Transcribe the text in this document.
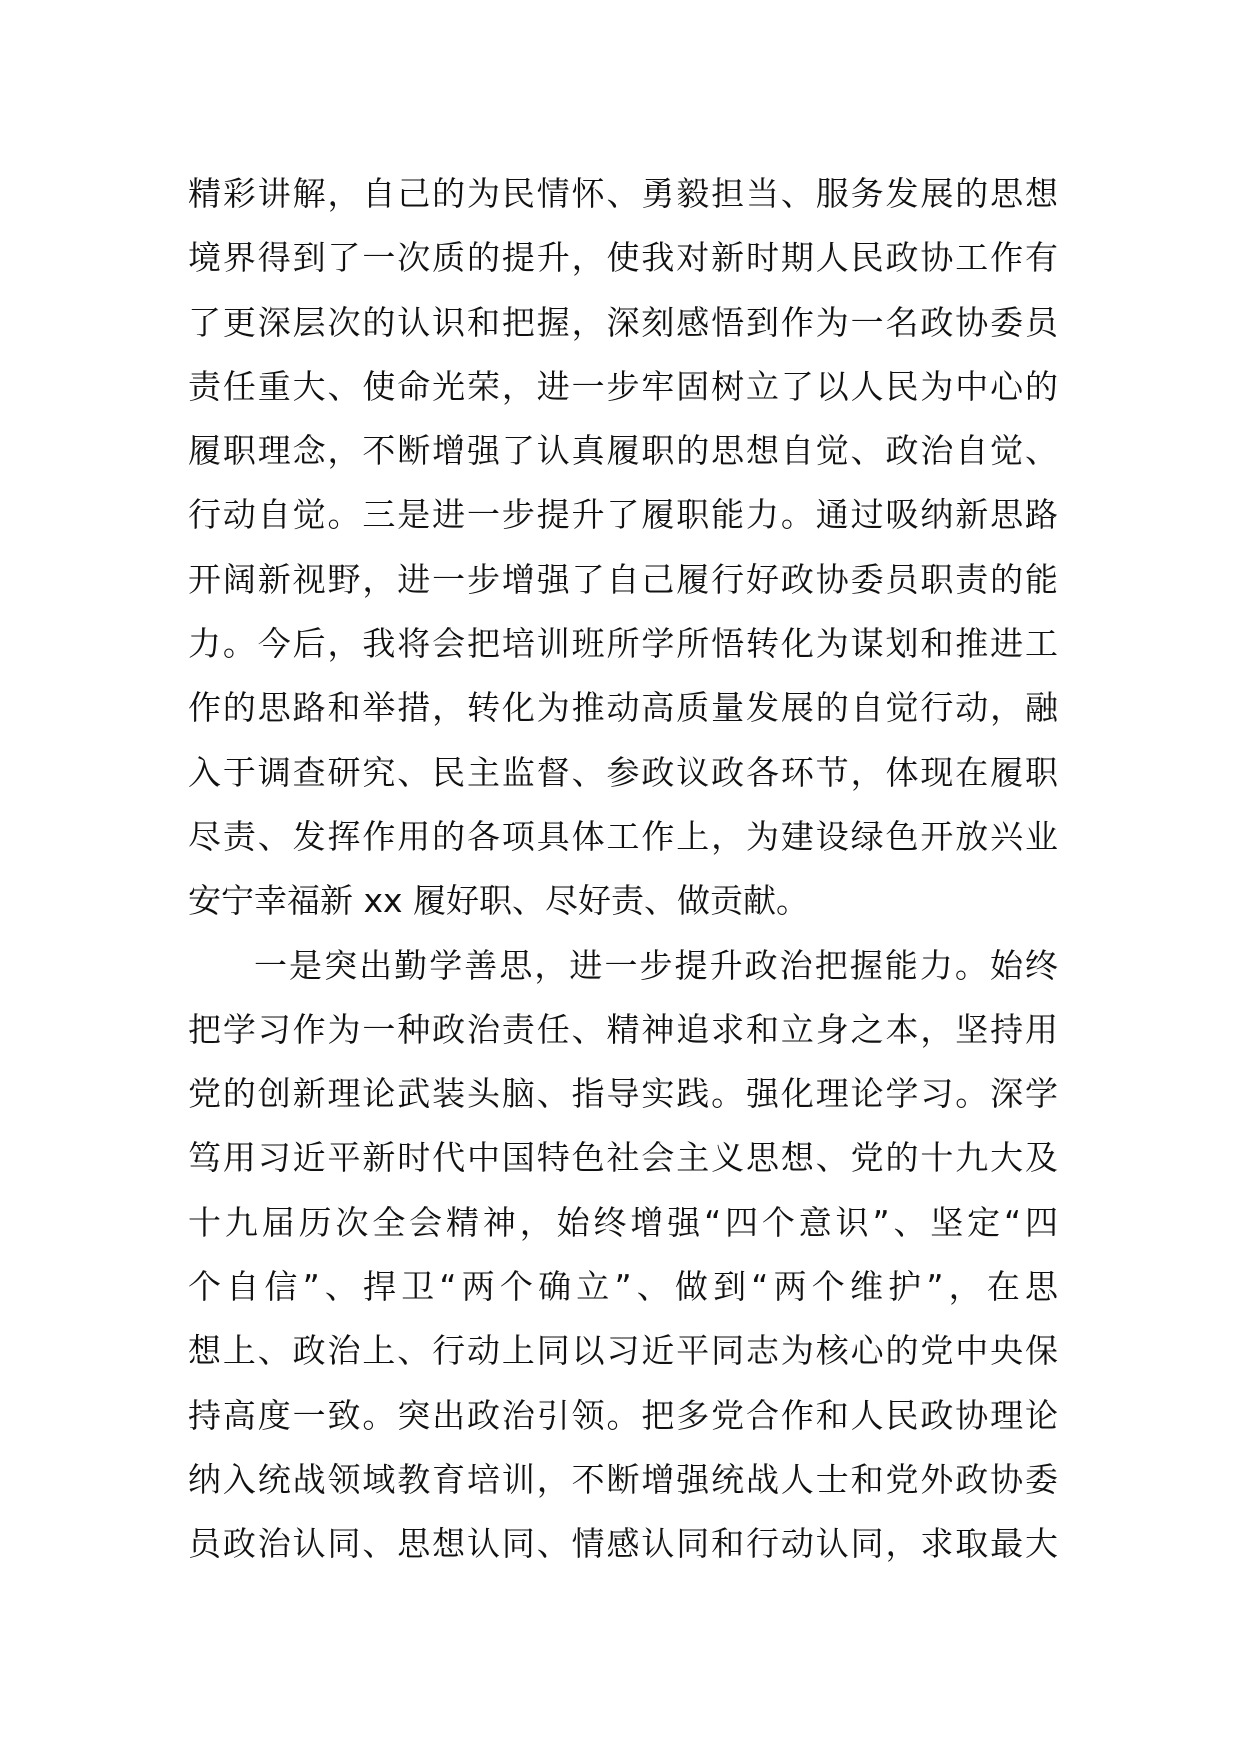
精彩讲解，自己的为民情怀、勇毅担当、服务发展的思想
境界得到了一次质的提升，使我对新时期人民政协工作有
了更深层次的认识和把握，深刻感悟到作为一名政协委员
责任重大、使命光荣，进一步牢固树立了以人民为中心的
履职理念，不断增强了认真履职的思想自觉、政治自觉、
行动自觉。三是进一步提升了履职能力。通过吸纳新思路
开阔新视野，进一步增强了自己履行好政协委员职责的能
力。今后，我将会把培训班所学所悟转化为谋划和推进工
作的思路和举措，转化为推动高质量发展的自觉行动，融
入于调查研究、民主监督、参政议政各环节，体现在履职
尽责、发挥作用的各项具体工作上，为建设绿色开放兴业
安宁幸福新 xx 履好职、尽好责、做贡献。
一是突出勤学善思，进一步提升政治把握能力。始终
把学习作为一种政治责任、精神追求和立身之本，坚持用
党的创新理论武装头脑、指导实践。强化理论学习。深学
笃用习近平新时代中国特色社会主义思想、党的十九大及
十九届历次全会精神，始终增强“四个意识”、坚定“四
个自信”、捍卫“两个确立”、做到“两个维护”，在思
想上、政治上、行动上同以习近平同志为核心的党中央保
持高度一致。突出政治引领。把多党合作和人民政协理论
纳入统战领域教育培训，不断增强统战人士和党外政协委
员政治认同、思想认同、情感认同和行动认同，求取最大
